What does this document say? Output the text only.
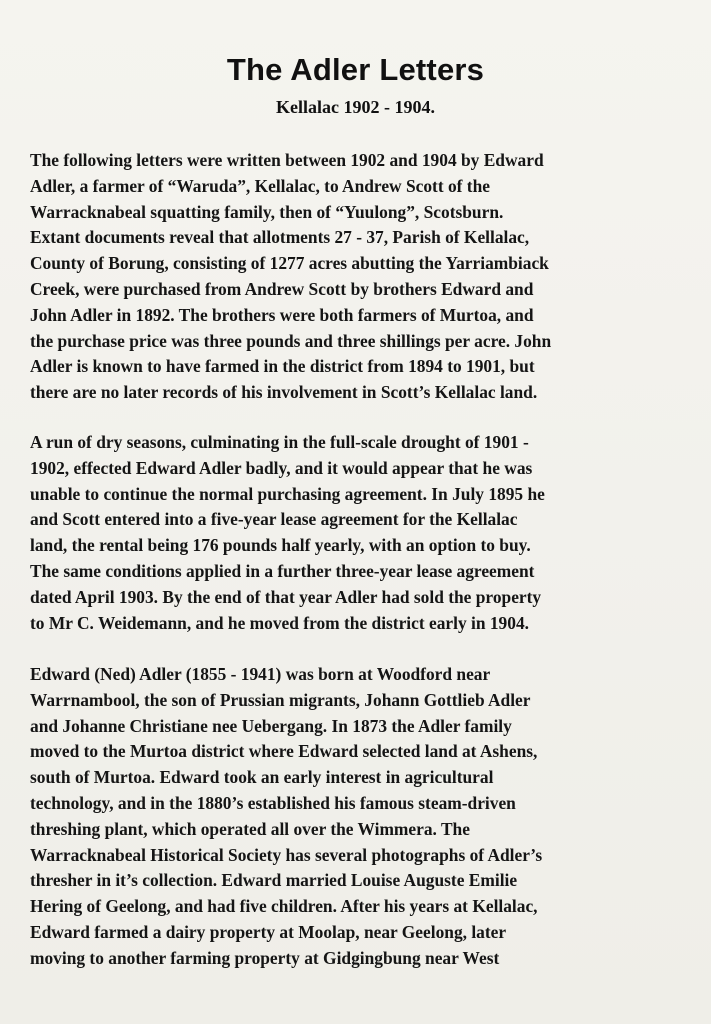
The Adler Letters
Kellalac 1902 - 1904.

The following letters were written between 1902 and 1904 by Edward
Adler, a farmer of “Waruda”, Kellalac, to Andrew Scott of the
Warracknabeal squatting family, then of “Yuulong”, Scotsburn.
Extant documents reveal that allotments 27 - 37, Parish of Kellalac,
County of Borung, consisting of 1277 acres abutting the Yarriambiack
Creek, were purchased from Andrew Scott by brothers Edward and
John Adler in 1892. The brothers were both farmers of Murtoa, and
the purchase price was three pounds and three shillings per acre. John
Adler is known to have farmed in the district from 1894 to 1901, but
there are no later records of his involvement in Scott’s Kellalac land.

A run of dry seasons, culminating in the full-scale drought of 1901 -
1902, effected Edward Adler badly, and it would appear that he was
unable to continue the normal purchasing agreement. In July 1895 he
and Scott entered into a five-year lease agreement for the Kellalac
land, the rental being 176 pounds half yearly, with an option to buy.
The same conditions applied in a further three-year lease agreement
dated April 1903. By the end of that year Adler had sold the property
to Mr C. Weidemann, and he moved from the district early in 1904.

Edward (Ned) Adler (1855 - 1941) was born at Woodford near
Warrnambool, the son of Prussian migrants, Johann Gottlieb Adler
and Johanne Christiane nee Uebergang. In 1873 the Adler family
moved to the Murtoa district where Edward selected land at Ashens,
south of Murtoa. Edward took an early interest in agricultural
technology, and in the 1880’s established his famous steam-driven
threshing plant, which operated all over the Wimmera. The
Warracknabeal Historical Society has several photographs of Adler’s
thresher in it’s collection. Edward married Louise Auguste Emilie
Hering of Geelong, and had five children. After his years at Kellalac,
Edward farmed a dairy property at Moolap, near Geelong, later
moving to another farming property at Gidgingbung near West
